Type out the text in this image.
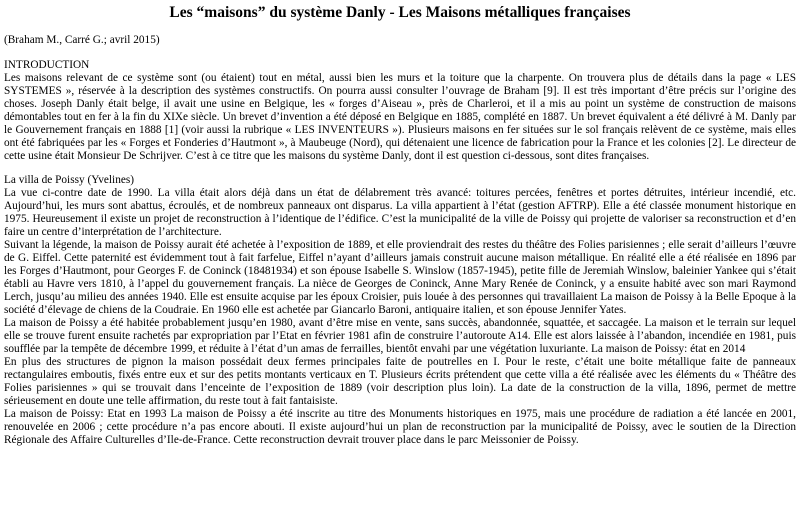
Les “maisons” du système Danly - Les Maisons métalliques françaises
(Braham M., Carré G.; avril 2015)
INTRODUCTION

Les maisons relevant de ce système sont (ou étaient) tout en métal, aussi bien les murs et la toiture que la charpente. On trouvera plus de détails dans la page « LES SYSTEMES », réservée à la description des systèmes constructifs. On pourra aussi consulter l’ouvrage de Braham [9]. Il est très important d’être précis sur l’origine des choses. Joseph Danly était belge, il avait une usine en Belgique, les « forges d’Aiseau », près de Charleroi, et il a mis au point un système de construction de maisons démontables tout en fer à la fin du XIXe siècle. Un brevet d’invention a été déposé en Belgique en 1885, complété en 1887. Un brevet équivalent a été délivré à M. Danly par le Gouvernement français en 1888 [1] (voir aussi la rubrique « LES INVENTEURS »). Plusieurs maisons en fer situées sur le sol français relèvent de ce système, mais elles ont été fabriquées par les « Forges et Fonderies d’Hautmont », à Maubeuge (Nord), qui détenaient une licence de fabrication pour la France et les colonies [2]. Le directeur de cette usine était Monsieur De Schrijver. C’est à ce titre que les maisons du système Danly, dont il est question ci-dessous, sont dites françaises.

La villa de Poissy (Yvelines)

La vue ci-contre date de 1990. La villa était alors déjà dans un état de délabrement très avancé: toitures percées, fenêtres et portes détruites, intérieur incendié, etc. Aujourd’hui, les murs sont abattus, écroulés, et de nombreux panneaux ont disparus. La villa appartient à l’état (gestion AFTRP). Elle a été classée monument historique en 1975. Heureusement il existe un projet de reconstruction à l’identique de l’édifice. C’est la municipalité de la ville de Poissy qui projette de valoriser sa reconstruction et d’en faire un centre d’interprétation de l’architecture.

Suivant la légende, la maison de Poissy aurait été achetée à l’exposition de 1889, et elle proviendrait des restes du théâtre des Folies parisiennes ; elle serait d’ailleurs l’œuvre de G. Eiffel. Cette paternité est évidemment tout à fait farfelue, Eiffel n’ayant d’ailleurs jamais construit aucune maison métallique. En réalité elle a été réalisée en 1896 par les Forges d’Hautmont, pour Georges F. de Coninck (18481934) et son épouse Isabelle S. Winslow (1857-1945), petite fille de Jeremiah Winslow, baleinier Yankee qui s’était établi au Havre vers 1810, à l’appel du gouvernement français. La nièce de Georges de Coninck, Anne Mary Renée de Coninck, y a ensuite habité avec son mari Raymond Lerch, jusqu’au milieu des années 1940. Elle est ensuite acquise par les époux Croisier, puis louée à des personnes qui travaillaient La maison de Poissy à la Belle Epoque à la société d’élevage de chiens de la Coudraie. En 1960 elle est achetée par Giancarlo Baroni, antiquaire italien, et son épouse Jennifer Yates.

La maison de Poissy a été habitée probablement jusqu’en 1980, avant d’être mise en vente, sans succès, abandonnée, squattée, et saccagée. La maison et le terrain sur lequel elle se trouve furent ensuite rachetés par expropriation par l’Etat en février 1981 afin de construire l’autoroute A14. Elle est alors laissée à l’abandon, incendiée en 1981, puis soufflée par la tempête de décembre 1999, et réduite à l’état d’un amas de ferrailles, bientôt envahi par une végétation luxuriante. La maison de Poissy: état en 2014

En plus des structures de pignon la maison possédait deux fermes principales faite de poutrelles en I. Pour le reste, c’était une boite métallique faite de panneaux rectangulaires emboutis, fixés entre eux et sur des petits montants verticaux en T. Plusieurs écrits prétendent que cette villa a été réalisée avec les éléments du « Théâtre des Folies parisiennes » qui se trouvait dans l’enceinte de l’exposition de 1889 (voir description plus loin). La date de la construction de la villa, 1896, permet de mettre sérieusement en doute une telle affirmation, du reste tout à fait fantaisiste.

La maison de Poissy: Etat en 1993 La maison de Poissy a été inscrite au titre des Monuments historiques en 1975, mais une procédure de radiation a été lancée en 2001, renouvelée en 2006 ; cette procédure n’a pas encore abouti. Il existe aujourd’hui un plan de reconstruction par la municipalité de Poissy, avec le soutien de la Direction Régionale des Affaire Culturelles d’Ile-de-France. Cette reconstruction devrait trouver place dans le parc Meissonier de Poissy.
